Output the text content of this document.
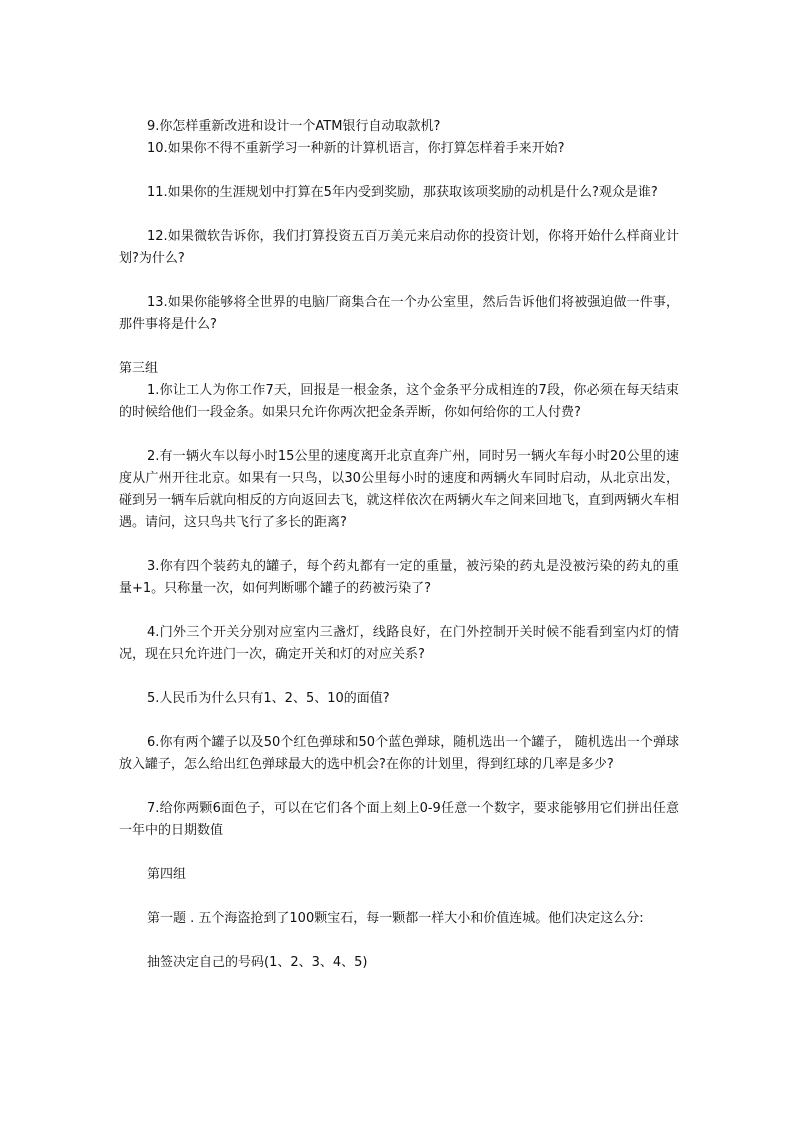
9.你怎样重新改进和设计一个ATM银行自动取款机?

10.如果你不得不重新学习一种新的计算机语言，你打算怎样着手来开始?

11.如果你的生涯规划中打算在5年内受到奖励，那获取该项奖励的动机是什么?观众是谁?

12.如果微软告诉你，我们打算投资五百万美元来启动你的投资计划，你将开始什么样商业计划?为什么?

13.如果你能够将全世界的电脑厂商集合在一个办公室里，然后告诉他们将被强迫做一件事，那件事将是什么?

第三组

1.你让工人为你工作7天，回报是一根金条，这个金条平分成相连的7段，你必须在每天结束的时候给他们一段金条。如果只允许你两次把金条弄断，你如何给你的工人付费?

2.有一辆火车以每小时15公里的速度离开北京直奔广州，同时另一辆火车每小时20公里的速度从广州开往北京。如果有一只鸟，以30公里每小时的速度和两辆火车同时启动，从北京出发，碰到另一辆车后就向相反的方向返回去飞，就这样依次在两辆火车之间来回地飞，直到两辆火车相遇。请问，这只鸟共飞行了多长的距离?

3.你有四个装药丸的罐子，每个药丸都有一定的重量，被污染的药丸是没被污染的药丸的重量+1。只称量一次，如何判断哪个罐子的药被污染了?

4.门外三个开关分别对应室内三盏灯，线路良好，在门外控制开关时候不能看到室内灯的情况，现在只允许进门一次，确定开关和灯的对应关系?

5.人民币为什么只有1、2、5、10的面值?

6.你有两个罐子以及50个红色弹球和50个蓝色弹球，随机选出一个罐子， 随机选出一个弹球放入罐子，怎么给出红色弹球最大的选中机会?在你的计划里，得到红球的几率是多少?

7.给你两颗6面色子，可以在它们各个面上刻上0-9任意一个数字，要求能够用它们拼出任意一年中的日期数值

第四组

第一题 . 五个海盗抢到了100颗宝石，每一颗都一样大小和价值连城。他们决定这么分:

抽签决定自己的号码(1、2、3、4、5)
